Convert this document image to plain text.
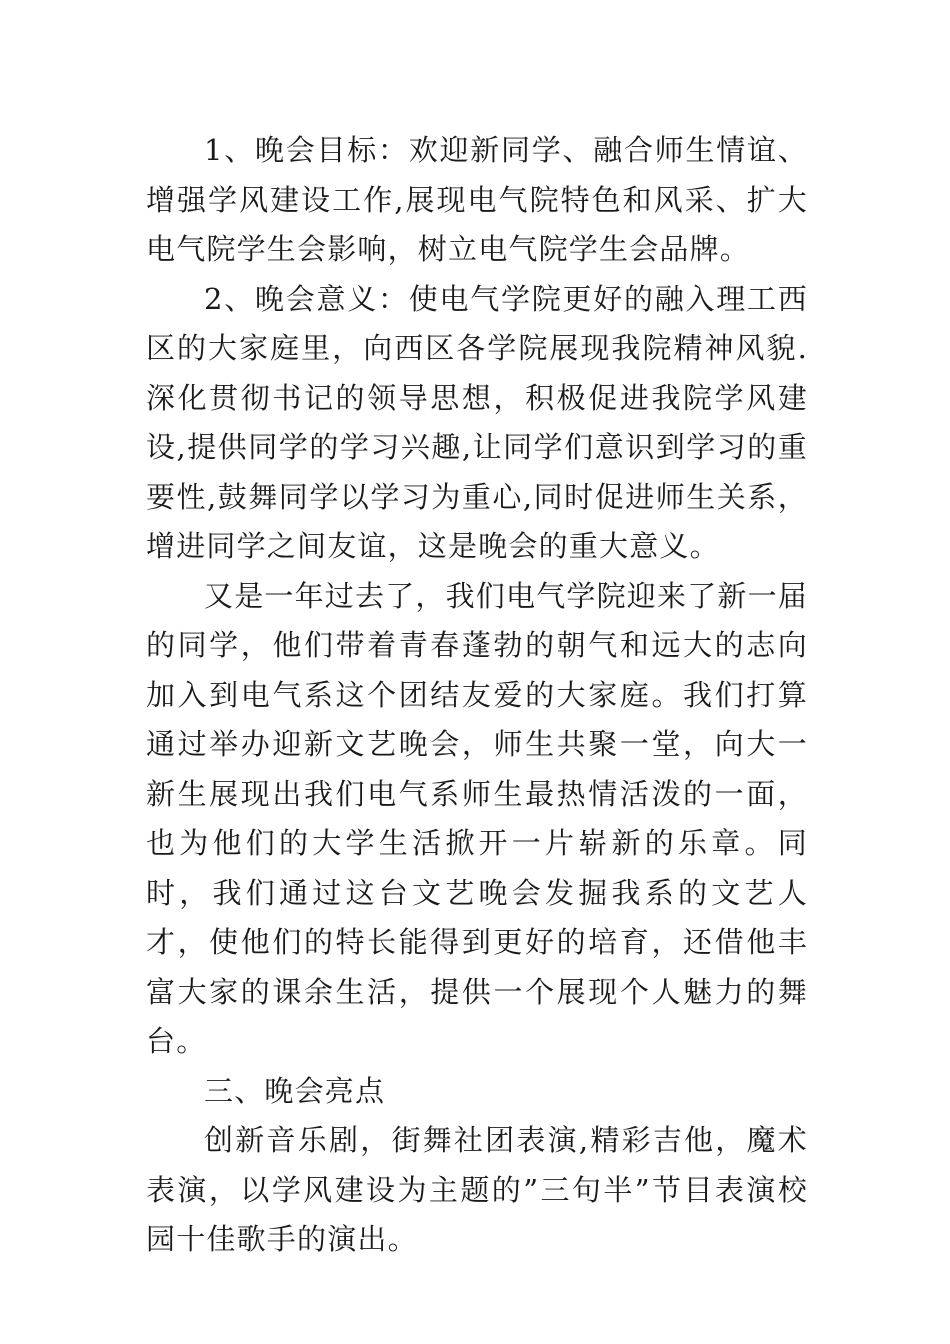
1、晚会目标：欢迎新同学、融合师生情谊、增强学风建设工作,展现电气院特色和风采、扩大电气院学生会影响，树立电气院学生会品牌。

2、晚会意义：使电气学院更好的融入理工西区的大家庭里，向西区各学院展现我院精神风貌.深化贯彻书记的领导思想，积极促进我院学风建设,提供同学的学习兴趣,让同学们意识到学习的重要性,鼓舞同学以学习为重心,同时促进师生关系，增进同学之间友谊，这是晚会的重大意义。

又是一年过去了，我们电气学院迎来了新一届的同学，他们带着青春蓬勃的朝气和远大的志向加入到电气系这个团结友爱的大家庭。我们打算通过举办迎新文艺晚会，师生共聚一堂，向大一新生展现出我们电气系师生最热情活泼的一面，也为他们的大学生活掀开一片崭新的乐章。同时，我们通过这台文艺晚会发掘我系的文艺人才，使他们的特长能得到更好的培育，还借他丰富大家的课余生活，提供一个展现个人魅力的舞台。

三、晚会亮点

创新音乐剧，街舞社团表演,精彩吉他，魔术表演，以学风建设为主题的”三句半”节目表演校园十佳歌手的演出。
